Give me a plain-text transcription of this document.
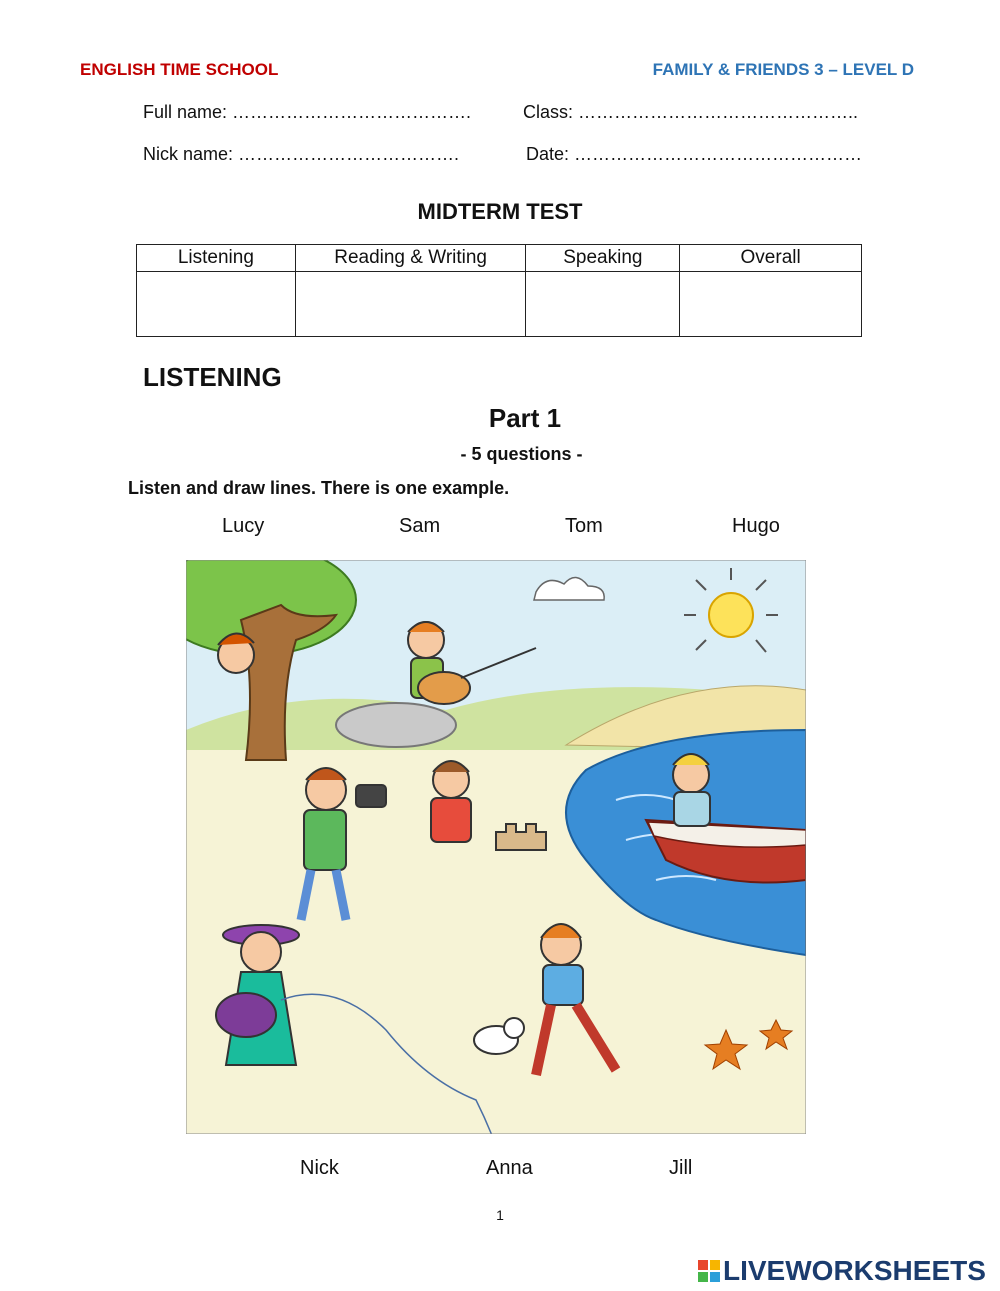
ENGLISH TIME SCHOOL	FAMILY & FRIENDS 3 – LEVEL D
Full name: ………………………………….	Class: ………………………………………..
Nick name: ……………………………….	Date: …………………………………………
MIDTERM TEST
Listening	Reading & Writing	Speaking	Overall

LISTENING
Part 1
- 5 questions -
Listen and draw lines. There is one example.
Lucy	Sam	Tom	Hugo
Nick	Anna	Jill
1
LIVEWORKSHEETS
